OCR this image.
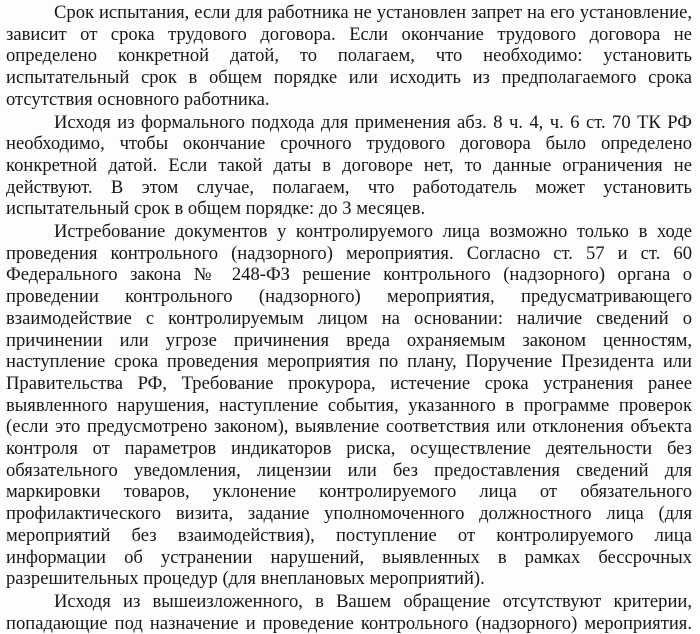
Срок испытания, если для работника не установлен запрет на его установление,
зависит от срока трудового договора. Если окончание трудового договора не
определено конкретной датой, то полагаем, что необходимо: установить
испытательный срок в общем порядке или исходить из предполагаемого срока
отсутствия основного работника.
Исходя из формального подхода для применения абз. 8 ч. 4, ч. 6 ст. 70 ТК РФ
необходимо, чтобы окончание срочного трудового договора было определено
конкретной датой. Если такой даты в договоре нет, то данные ограничения не
действуют. В этом случае, полагаем, что работодатель может установить
испытательный срок в общем порядке: до 3 месяцев.
Истребование документов у контролируемого лица возможно только в ходе
проведения контрольного (надзорного) мероприятия. Согласно ст. 57 и ст. 60
Федерального закона № 248-ФЗ решение контрольного (надзорного) органа о
проведении контрольного (надзорного) мероприятия, предусматривающего
взаимодействие с контролируемым лицом на основании: наличие сведений о
причинении или угрозе причинения вреда охраняемым законом ценностям,
наступление срока проведения мероприятия по плану, Поручение Президента или
Правительства РФ, Требование прокурора, истечение срока устранения ранее
выявленного нарушения, наступление события, указанного в программе проверок
(если это предусмотрено законом), выявление соответствия или отклонения объекта
контроля от параметров индикаторов риска, осуществление деятельности без
обязательного уведомления, лицензии или без предоставления сведений для
маркировки товаров, уклонение контролируемого лица от обязательного
профилактического визита, задание уполномоченного должностного лица (для
мероприятий без взаимодействия), поступление от контролируемого лица
информации об устранении нарушений, выявленных в рамках бессрочных
разрешительных процедур (для внеплановых мероприятий).
Исходя из вышеизложенного, в Вашем обращение отсутствуют критерии,
попадающие под назначение и проведение контрольного (надзорного) мероприятия.
